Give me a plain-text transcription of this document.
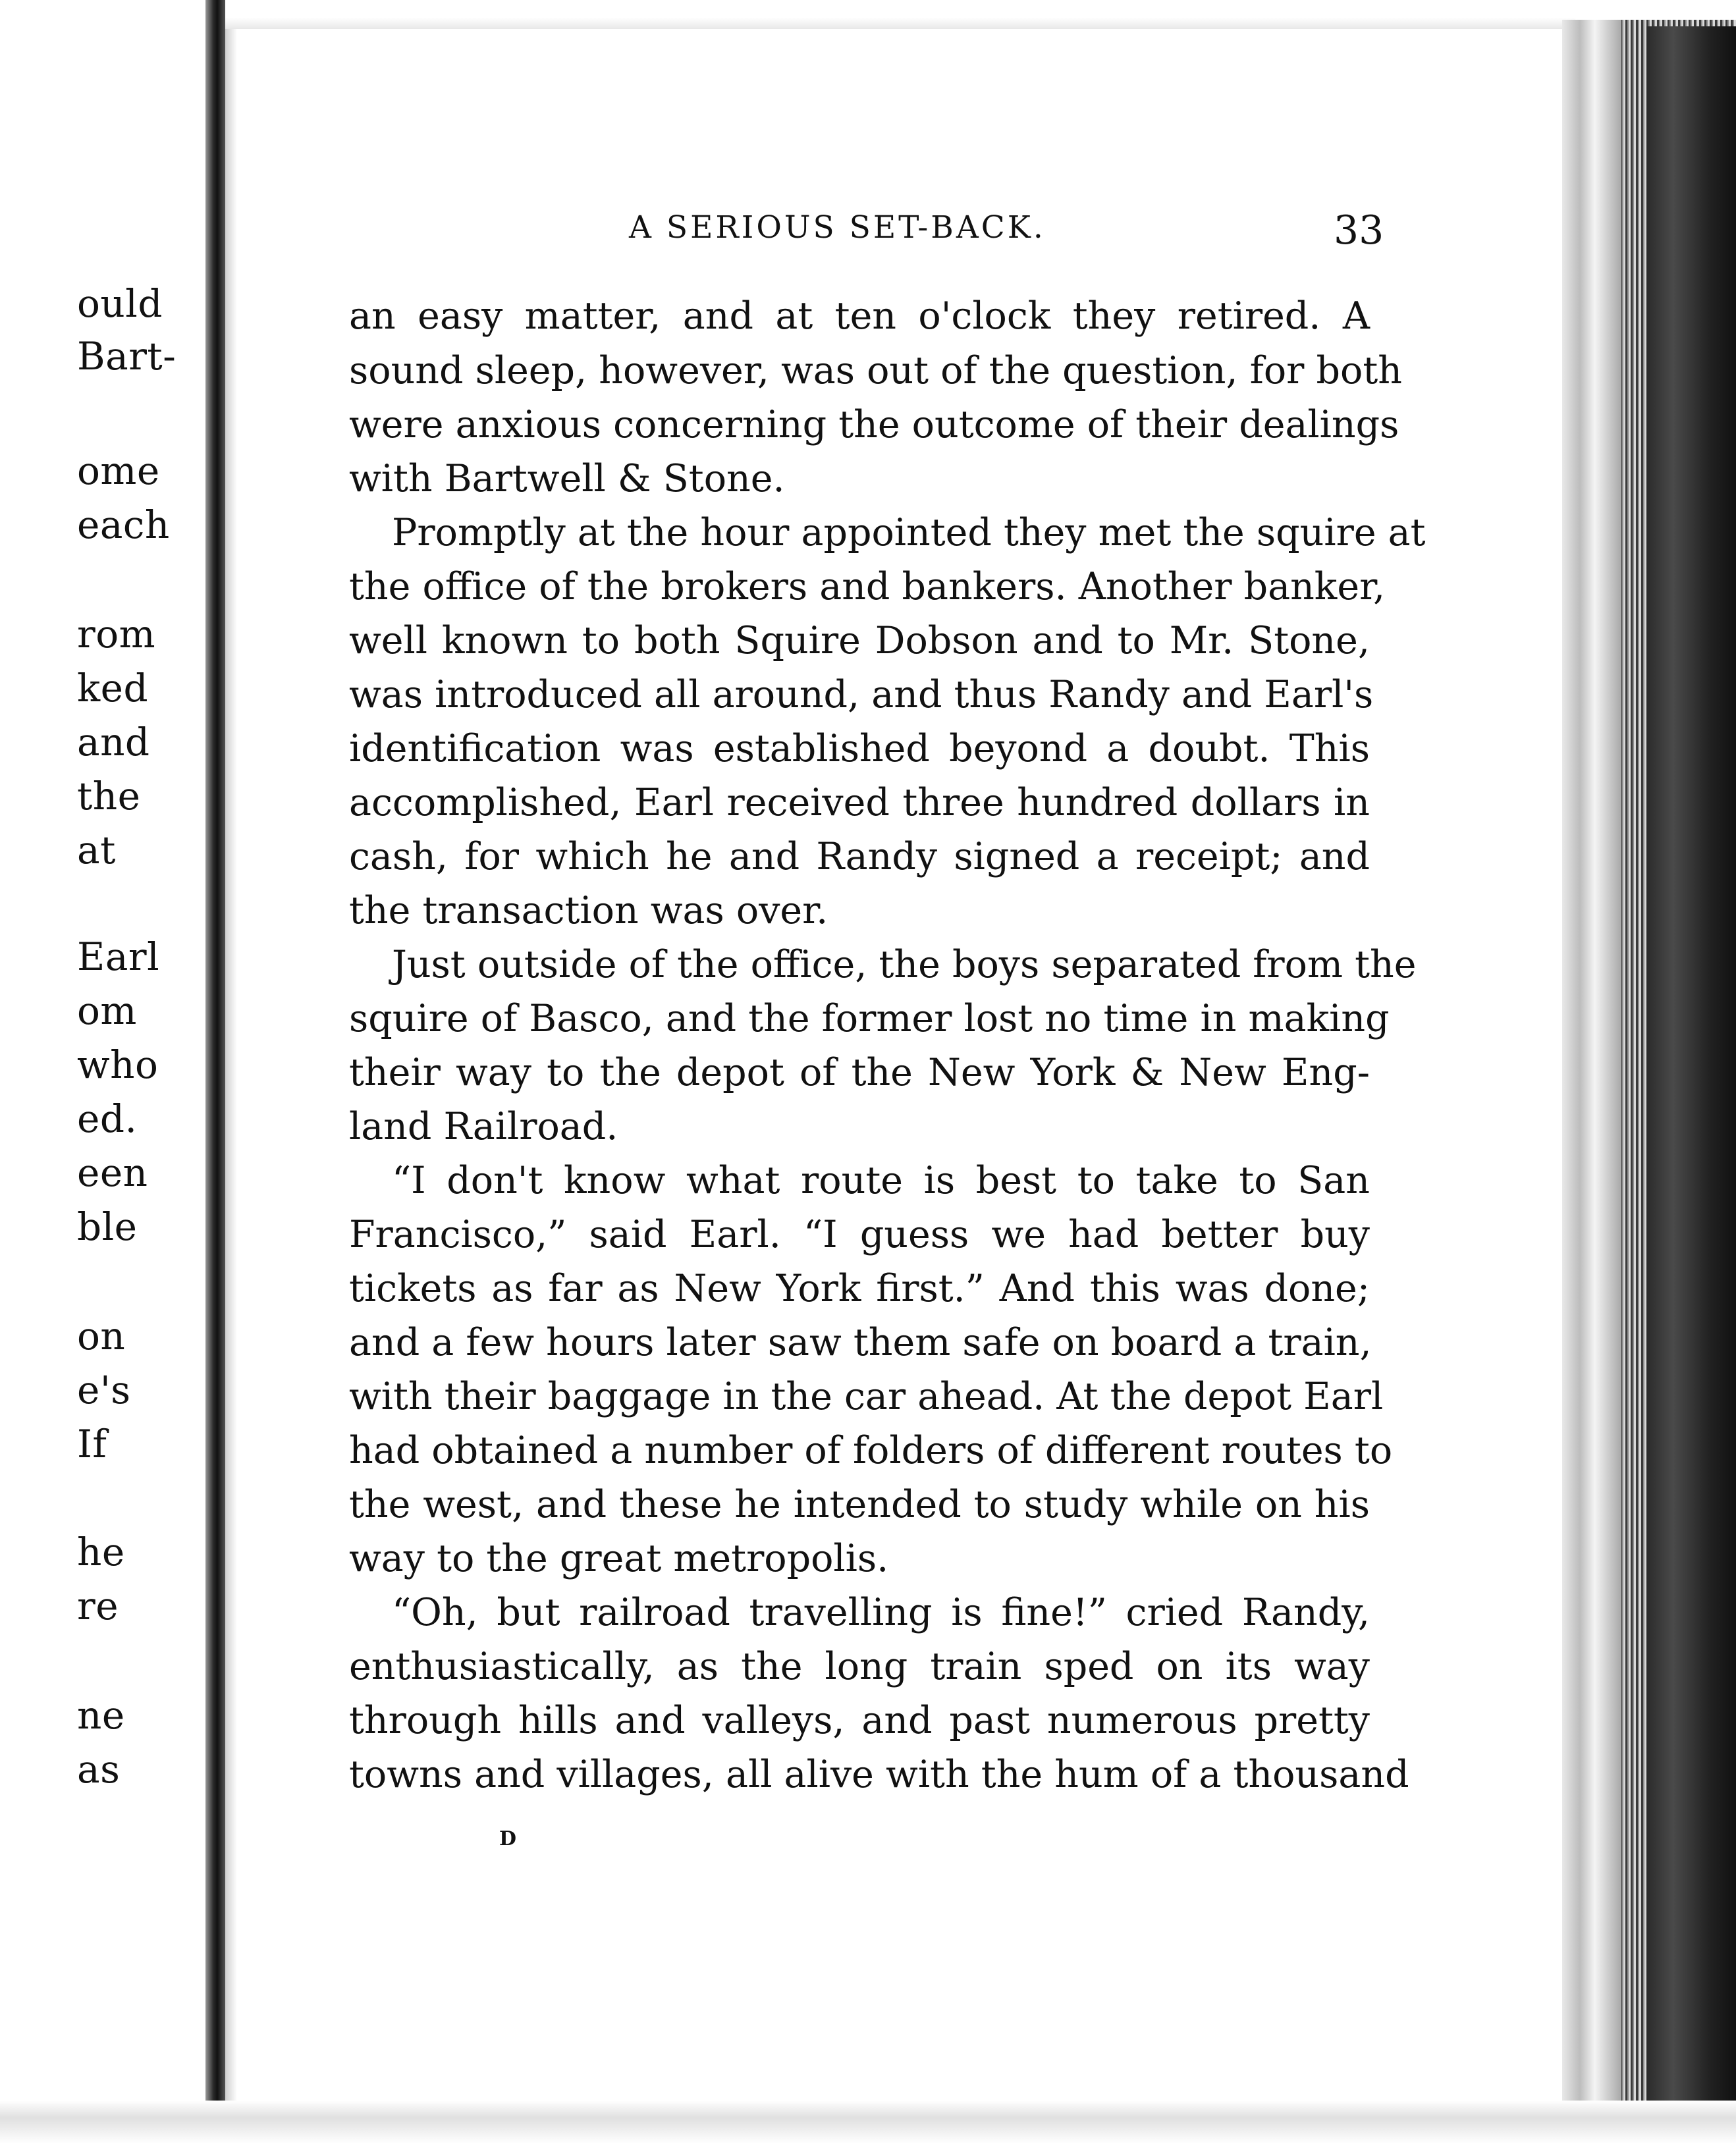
ould
Bart-
ome
each
rom
ked
and
the
at
Earl
om
who
ed.
een
ble
on
e's
If
he
re
ne
as
A SERIOUS SET-BACK.	33
an easy matter, and at ten o'clock they retired. A
sound sleep, however, was out of the question, for both
were anxious concerning the outcome of their dealings
with Bartwell & Stone.
Promptly at the hour appointed they met the squire at
the office of the brokers and bankers. Another banker,
well known to both Squire Dobson and to Mr. Stone,
was introduced all around, and thus Randy and Earl's
identification was established beyond a doubt. This
accomplished, Earl received three hundred dollars in
cash, for which he and Randy signed a receipt; and
the transaction was over.
Just outside of the office, the boys separated from the
squire of Basco, and the former lost no time in making
their way to the depot of the New York & New Eng-
land Railroad.
“I don't know what route is best to take to San
Francisco,” said Earl. “I guess we had better buy
tickets as far as New York first.” And this was done;
and a few hours later saw them safe on board a train,
with their baggage in the car ahead. At the depot Earl
had obtained a number of folders of different routes to
the west, and these he intended to study while on his
way to the great metropolis.
“Oh, but railroad travelling is fine!” cried Randy,
enthusiastically, as the long train sped on its way
through hills and valleys, and past numerous pretty
towns and villages, all alive with the hum of a thousand
D
